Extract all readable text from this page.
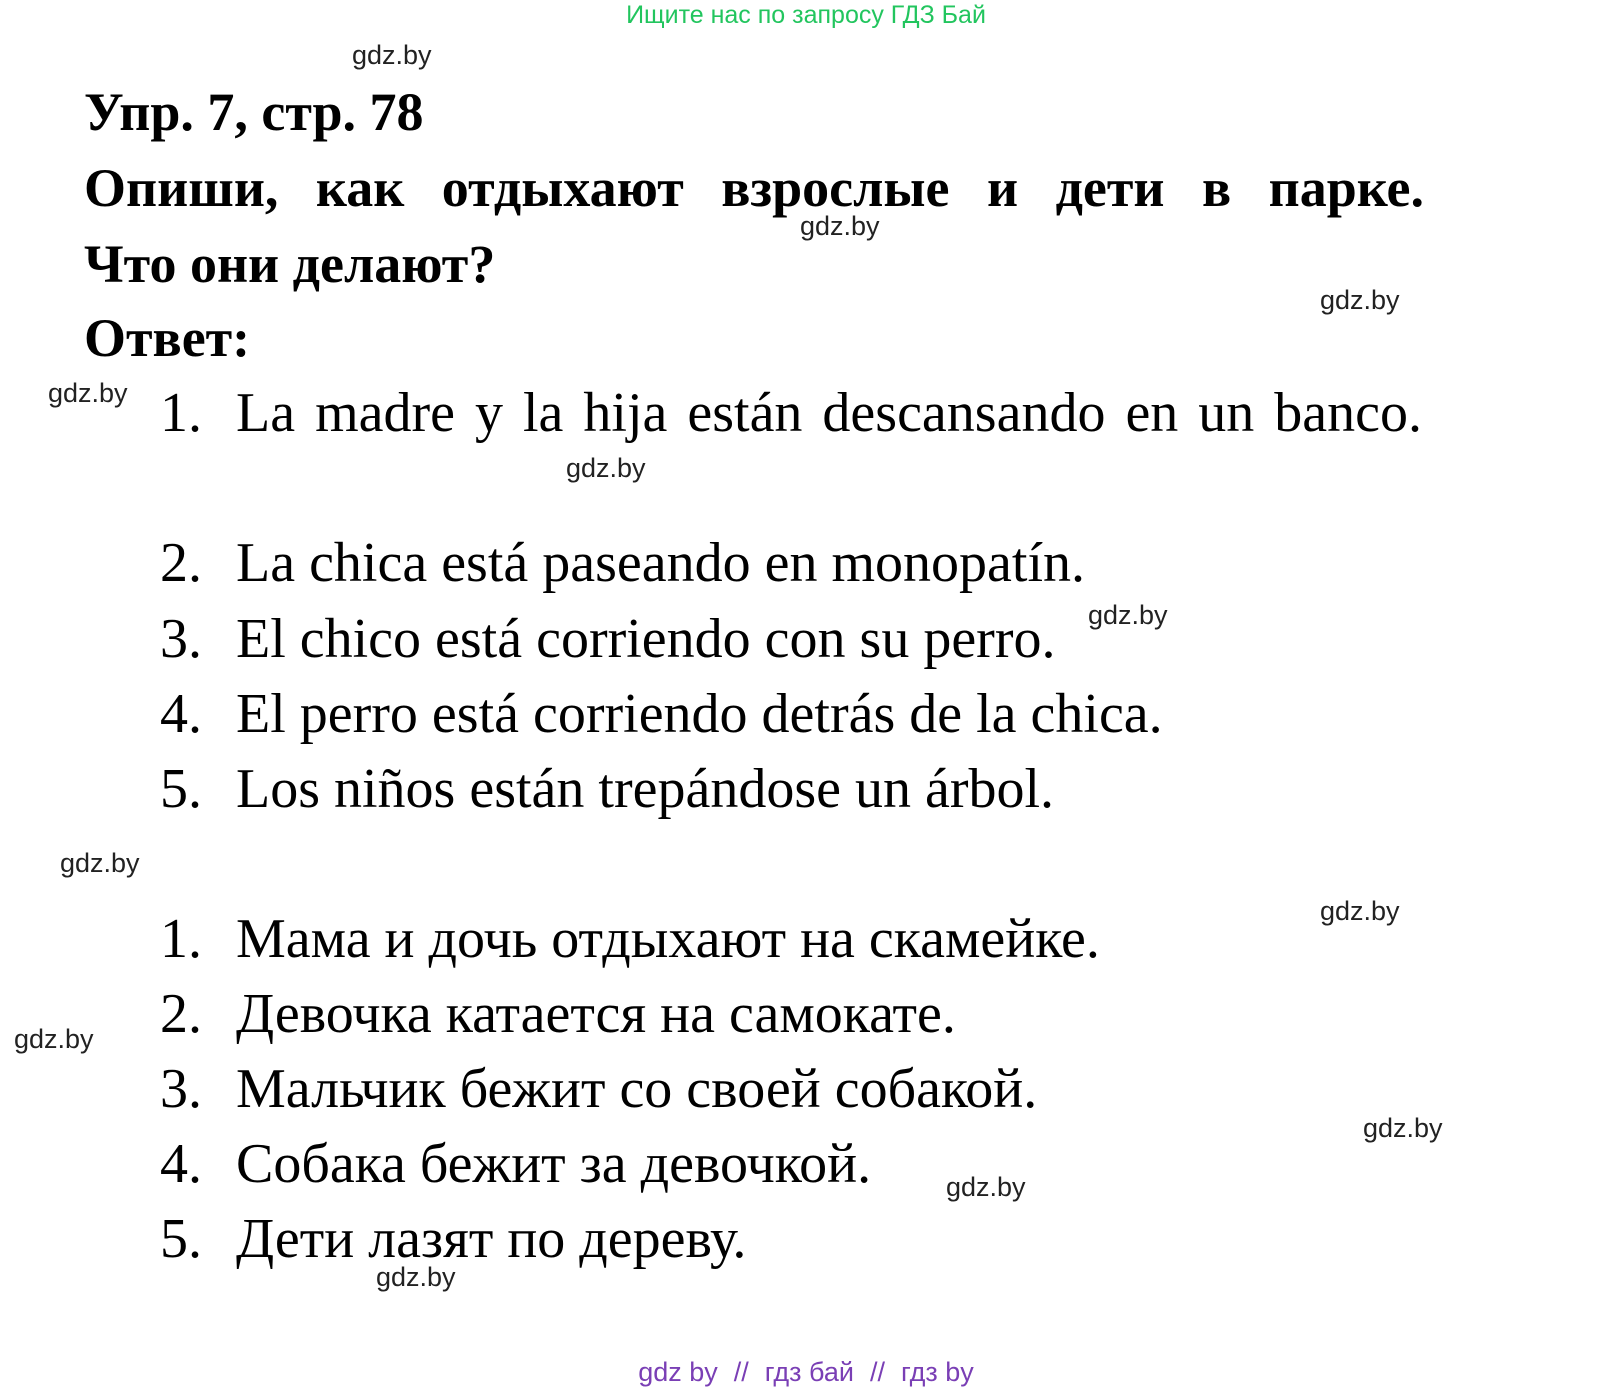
Ищите нас по запросу ГДЗ Бай
gdz.by
gdz.by
gdz.by
gdz.by
gdz.by
gdz.by
gdz.by
gdz.by
gdz.by
gdz.by
gdz.by
gdz.by
Упр. 7, стр. 78
Опиши, как отдыхают взрослые и дети в парке.
Что они делают?
Ответ:
1. La madre y la hija están descansando en un banco.
2. La chica está paseando en monopatín.
3. El chico está corriendo con su perro.
4. El perro está corriendo detrás de la chica.
5. Los niños están trepándose un árbol.
1. Мама и дочь отдыхают на скамейке.
2. Девочка катается на самокате.
3. Мальчик бежит со своей собакой.
4. Собака бежит за девочкой.
5. Дети лазят по дереву.
gdz by // гдз бай // гдз by
